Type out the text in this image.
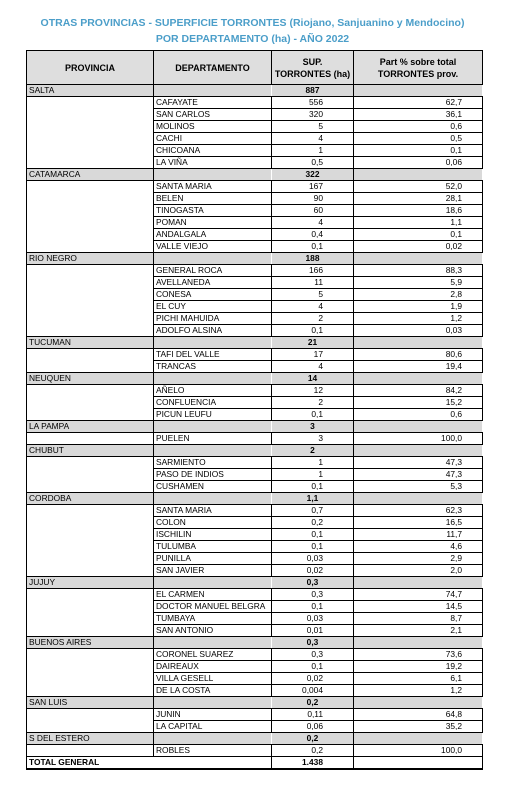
OTRAS PROVINCIAS - SUPERFICIE TORRONTES (Riojano, Sanjuanino y Mendocino)
POR DEPARTAMENTO (ha) - AÑO 2022
PROVINCIA	DEPARTAMENTO	SUP. TORRONTES (ha)	Part % sobre total TORRONTES prov.
SALTA		887	
	CAFAYATE	556	62,7
	SAN CARLOS	320	36,1
	MOLINOS	5	0,6
	CACHI	4	0,5
	CHICOANA	1	0,1
	LA VIÑA	0,5	0,06
CATAMARCA		322	
	SANTA MARIA	167	52,0
	BELEN	90	28,1
	TINOGASTA	60	18,6
	POMAN	4	1,1
	ANDALGALA	0,4	0,1
	VALLE VIEJO	0,1	0,02
RIO NEGRO		188	
	GENERAL ROCA	166	88,3
	AVELLANEDA	11	5,9
	CONESA	5	2,8
	EL CUY	4	1,9
	PICHI MAHUIDA	2	1,2
	ADOLFO ALSINA	0,1	0,03
TUCUMAN		21	
	TAFI DEL VALLE	17	80,6
	TRANCAS	4	19,4
NEUQUEN		14	
	AÑELO	12	84,2
	CONFLUENCIA	2	15,2
	PICUN LEUFU	0,1	0,6
LA PAMPA		3	
	PUELEN	3	100,0
CHUBUT		2	
	SARMIENTO	1	47,3
	PASO DE INDIOS	1	47,3
	CUSHAMEN	0,1	5,3
CORDOBA		1,1	
	SANTA MARIA	0,7	62,3
	COLON	0,2	16,5
	ISCHILIN	0,1	11,7
	TULUMBA	0,1	4,6
	PUNILLA	0,03	2,9
	SAN JAVIER	0,02	2,0
JUJUY		0,3	
	EL CARMEN	0,3	74,7
	DOCTOR MANUEL BELGRA	0,1	14,5
	TUMBAYA	0,03	8,7
	SAN ANTONIO	0,01	2,1
BUENOS AIRES		0,3	
	CORONEL SUAREZ	0,3	73,6
	DAIREAUX	0,1	19,2
	VILLA GESELL	0,02	6,1
	DE LA COSTA	0,004	1,2
SAN LUIS		0,2	
	JUNIN	0,11	64,8
	LA CAPITAL	0,06	35,2
S DEL ESTERO		0,2	
	ROBLES	0,2	100,0
TOTAL GENERAL		1.438	
